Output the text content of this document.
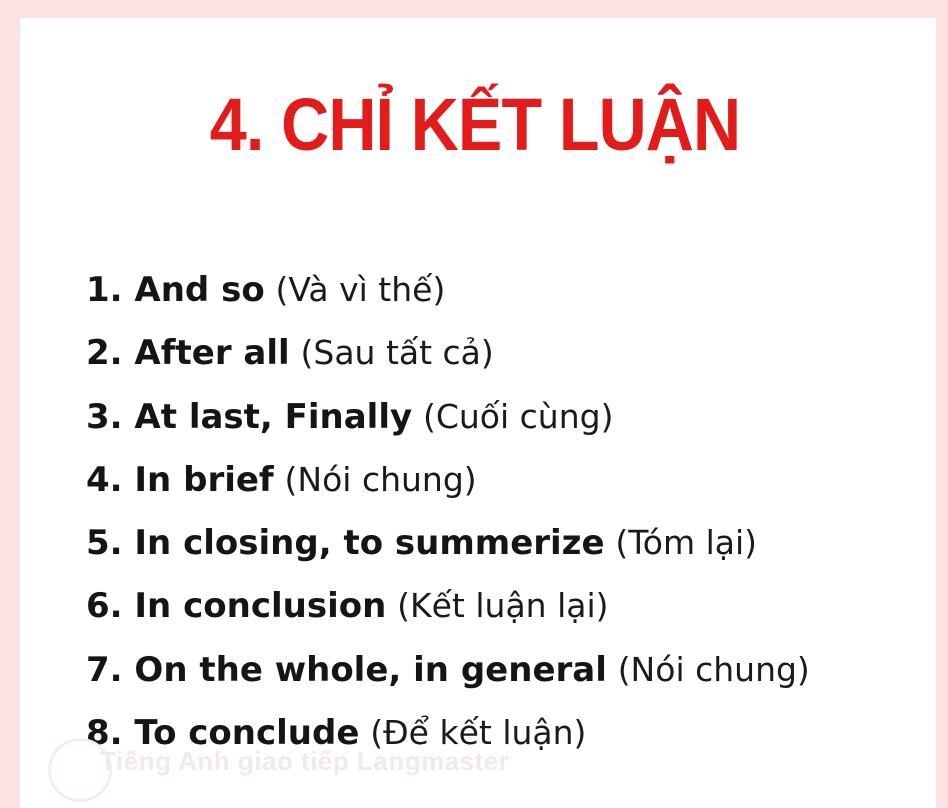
4. CHỈ KẾT LUẬN
1. And so (Và vì thế)
2. After all (Sau tất cả)
3. At last, Finally (Cuối cùng)
4. In brief (Nói chung)
5. In closing, to summerize (Tóm lại)
6. In conclusion (Kết luận lại)
7. On the whole, in general (Nói chung)
8. To conclude (Để kết luận)
Tiếng Anh giao tiếp Langmaster
